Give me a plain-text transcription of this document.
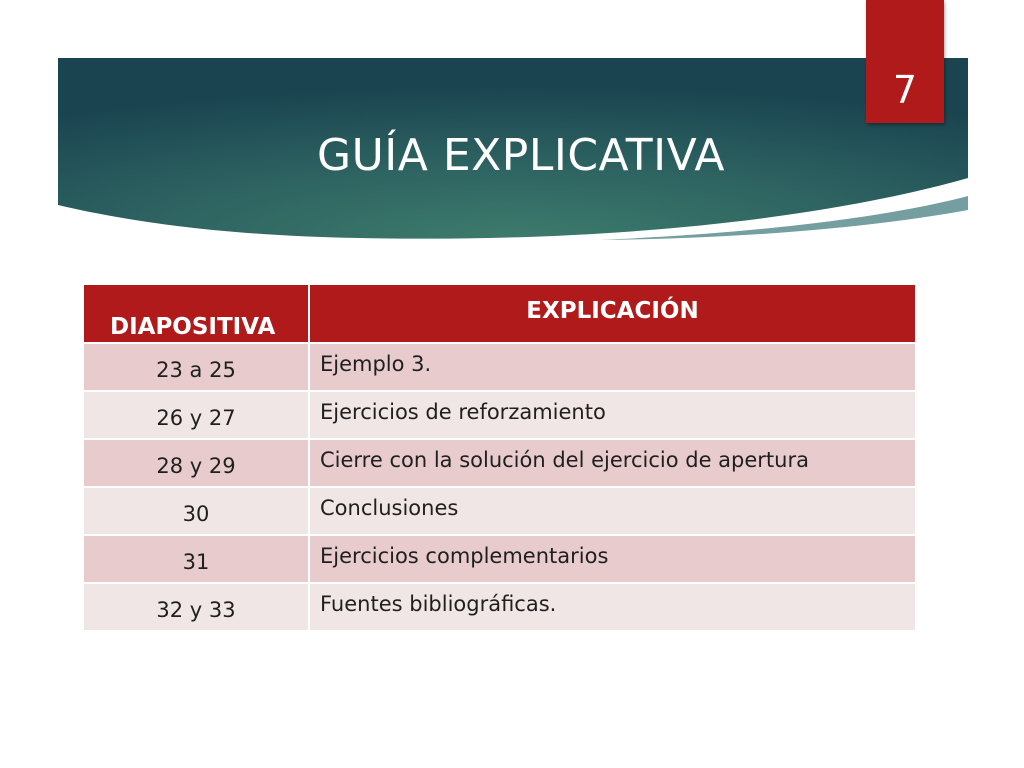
7
GUÍA EXPLICATIVA
DIAPOSITIVA	EXPLICACIÓN
23 a 25	Ejemplo 3.
26 y 27	Ejercicios de reforzamiento
28 y 29	Cierre con la solución del ejercicio de apertura
30	Conclusiones
31	Ejercicios complementarios
32 y 33	Fuentes bibliográficas.
